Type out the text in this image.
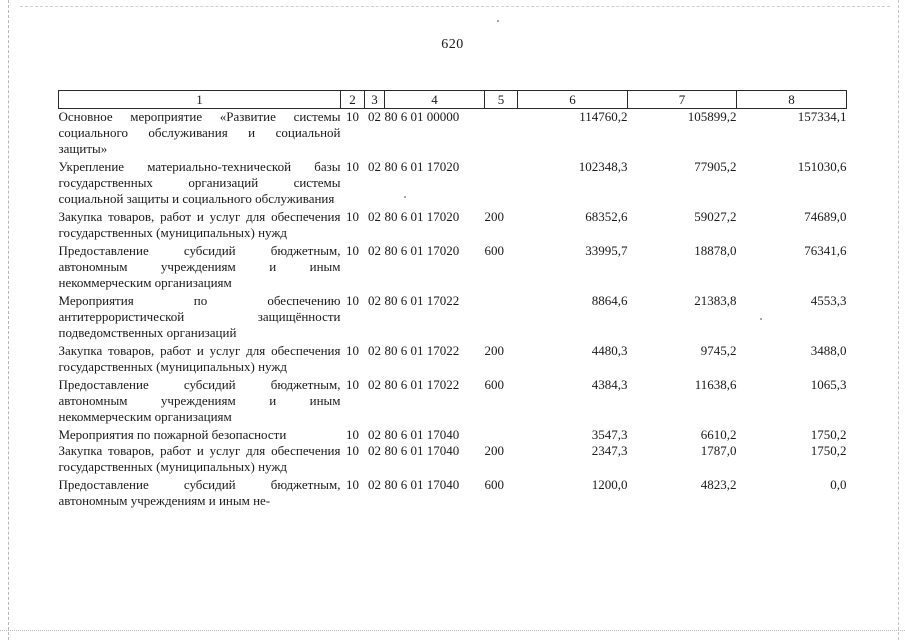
620
1	2	3	4	5	6	7	8
Основное мероприятие «Развитие системы социального обслуживания и социальной защиты»	10	02	80 6 01 00000		114760,2	105899,2	157334,1
Укрепление материально-технической базы государственных организаций системы социальной защиты и социального обслуживания	10	02	80 6 01 17020		102348,3	77905,2	151030,6
Закупка товаров, работ и услуг для обеспечения государственных (муниципальных) нужд	10	02	80 6 01 17020	200	68352,6	59027,2	74689,0
Предоставление субсидий бюджетным, автономным учреждениям и иным некоммерческим организациям	10	02	80 6 01 17020	600	33995,7	18878,0	76341,6
Мероприятия по обеспечению антитеррористической защищённости подведомственных организаций	10	02	80 6 01 17022		8864,6	21383,8	4553,3
Закупка товаров, работ и услуг для обеспечения государственных (муниципальных) нужд	10	02	80 6 01 17022	200	4480,3	9745,2	3488,0
Предоставление субсидий бюджетным, автономным учреждениям и иным некоммерческим организациям	10	02	80 6 01 17022	600	4384,3	11638,6	1065,3
Мероприятия по пожарной безопасности	10	02	80 6 01 17040		3547,3	6610,2	1750,2
Закупка товаров, работ и услуг для обеспечения государственных (муниципальных) нужд	10	02	80 6 01 17040	200	2347,3	1787,0	1750,2
Предоставление субсидий бюджетным, автономным учреждениям и иным не-	10	02	80 6 01 17040	600	1200,0	4823,2	0,0
